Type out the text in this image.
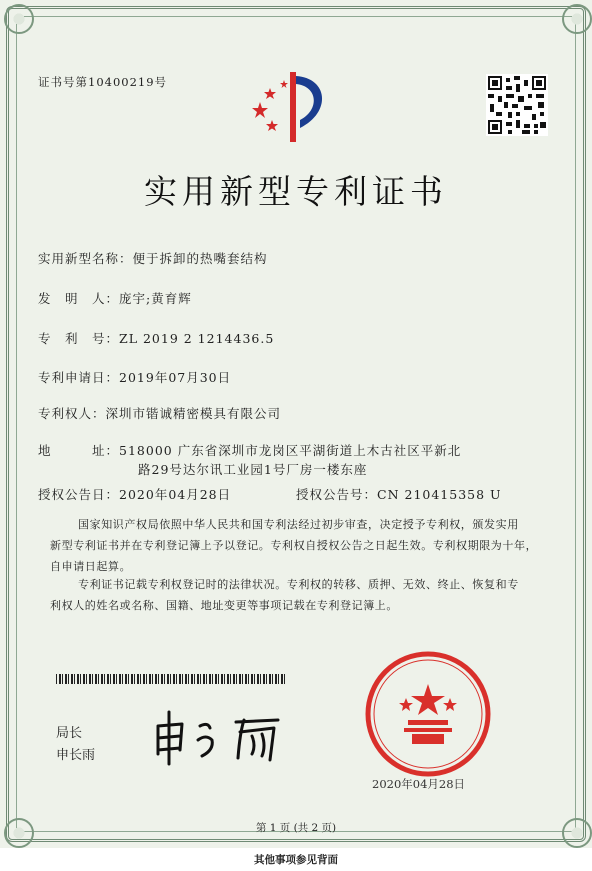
证书号第10400219号
实用新型专利证书
实用新型名称：便于拆卸的热嘴套结构
发　明　人：庞宇;黄育辉
专　利　号：ZL 2019 2 1214436.5
专利申请日：2019年07月30日
专利权人：深圳市锴诚精密模具有限公司
地　　　址：518000 广东省深圳市龙岗区平湖街道上木古社区平新北
路29号达尔讯工业园1号厂房一楼东座
授权公告日：2020年04月28日	授权公告号：CN 210415358 U
国家知识产权局依照中华人民共和国专利法经过初步审查，决定授予专利权，颁发实用
新型专利证书并在专利登记簿上予以登记。专利权自授权公告之日起生效。专利权期限为十年，
自申请日起算。
专利证书记载专利权登记时的法律状况。专利权的转移、质押、无效、终止、恢复和专
利权人的姓名或名称、国籍、地址变更等事项记载在专利登记簿上。
局长
申长雨
2020年04月28日
第 1 页 (共 2 页)
其他事项参见背面
